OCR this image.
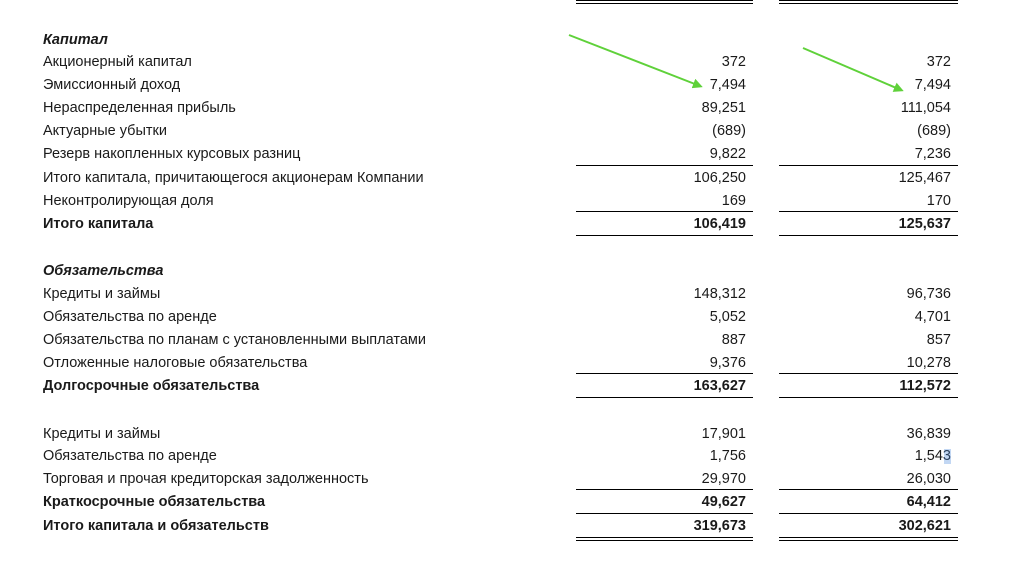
Капитал
Акционерный капитал	372	372
Эмиссионный доход	7,494	7,494
Нераспределенная прибыль	89,251	111,054
Актуарные убытки	(689)	(689)
Резерв накопленных курсовых разниц	9,822	7,236
Итого капитала, причитающегося акционерам Компании	106,250	125,467
Неконтролирующая доля	169	170
Итого капитала	106,419	125,637
Обязательства
Кредиты и займы	148,312	96,736
Обязательства по аренде	5,052	4,701
Обязательства по планам с установленными выплатами	887	857
Отложенные налоговые обязательства	9,376	10,278
Долгосрочные обязательства	163,627	112,572
Кредиты и займы	17,901	36,839
Обязательства по аренде	1,756	1,543
Торговая и прочая кредиторская задолженность	29,970	26,030
Краткосрочные обязательства	49,627	64,412
Итого капитала и обязательств	319,673	302,621
